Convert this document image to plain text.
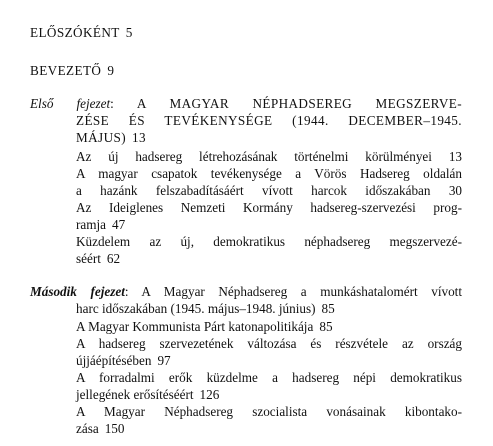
ELŐSZÓKÉNT 5
BEVEZETŐ 9
Első fejezet: A MAGYAR NÉPHADSEREG MEGSZERVE-
ZÉSE ÉS TEVÉKENYSÉGE (1944. DECEMBER–1945.
MÁJUS) 13
Az új hadsereg létrehozásának történelmi körülményei 13
A magyar csapatok tevékenysége a Vörös Hadsereg oldalán
a hazánk felszabadításáért vívott harcok időszakában 30
Az Ideiglenes Nemzeti Kormány hadsereg-szervezési prog-
ramja 47
Küzdelem az új, demokratikus néphadsereg megszervezé-
séért 62
Második fejezet: A Magyar Néphadsereg a munkáshatalomért vívott
harc időszakában (1945. május–1948. június) 85
A Magyar Kommunista Párt katonapolitikája 85
A hadsereg szervezetének változása és részvétele az ország
újjáépítésében 97
A forradalmi erők küzdelme a hadsereg népi demokratikus
jellegének erősítéséért 126
A Magyar Néphadsereg szocialista vonásainak kibontako-
zása 150
